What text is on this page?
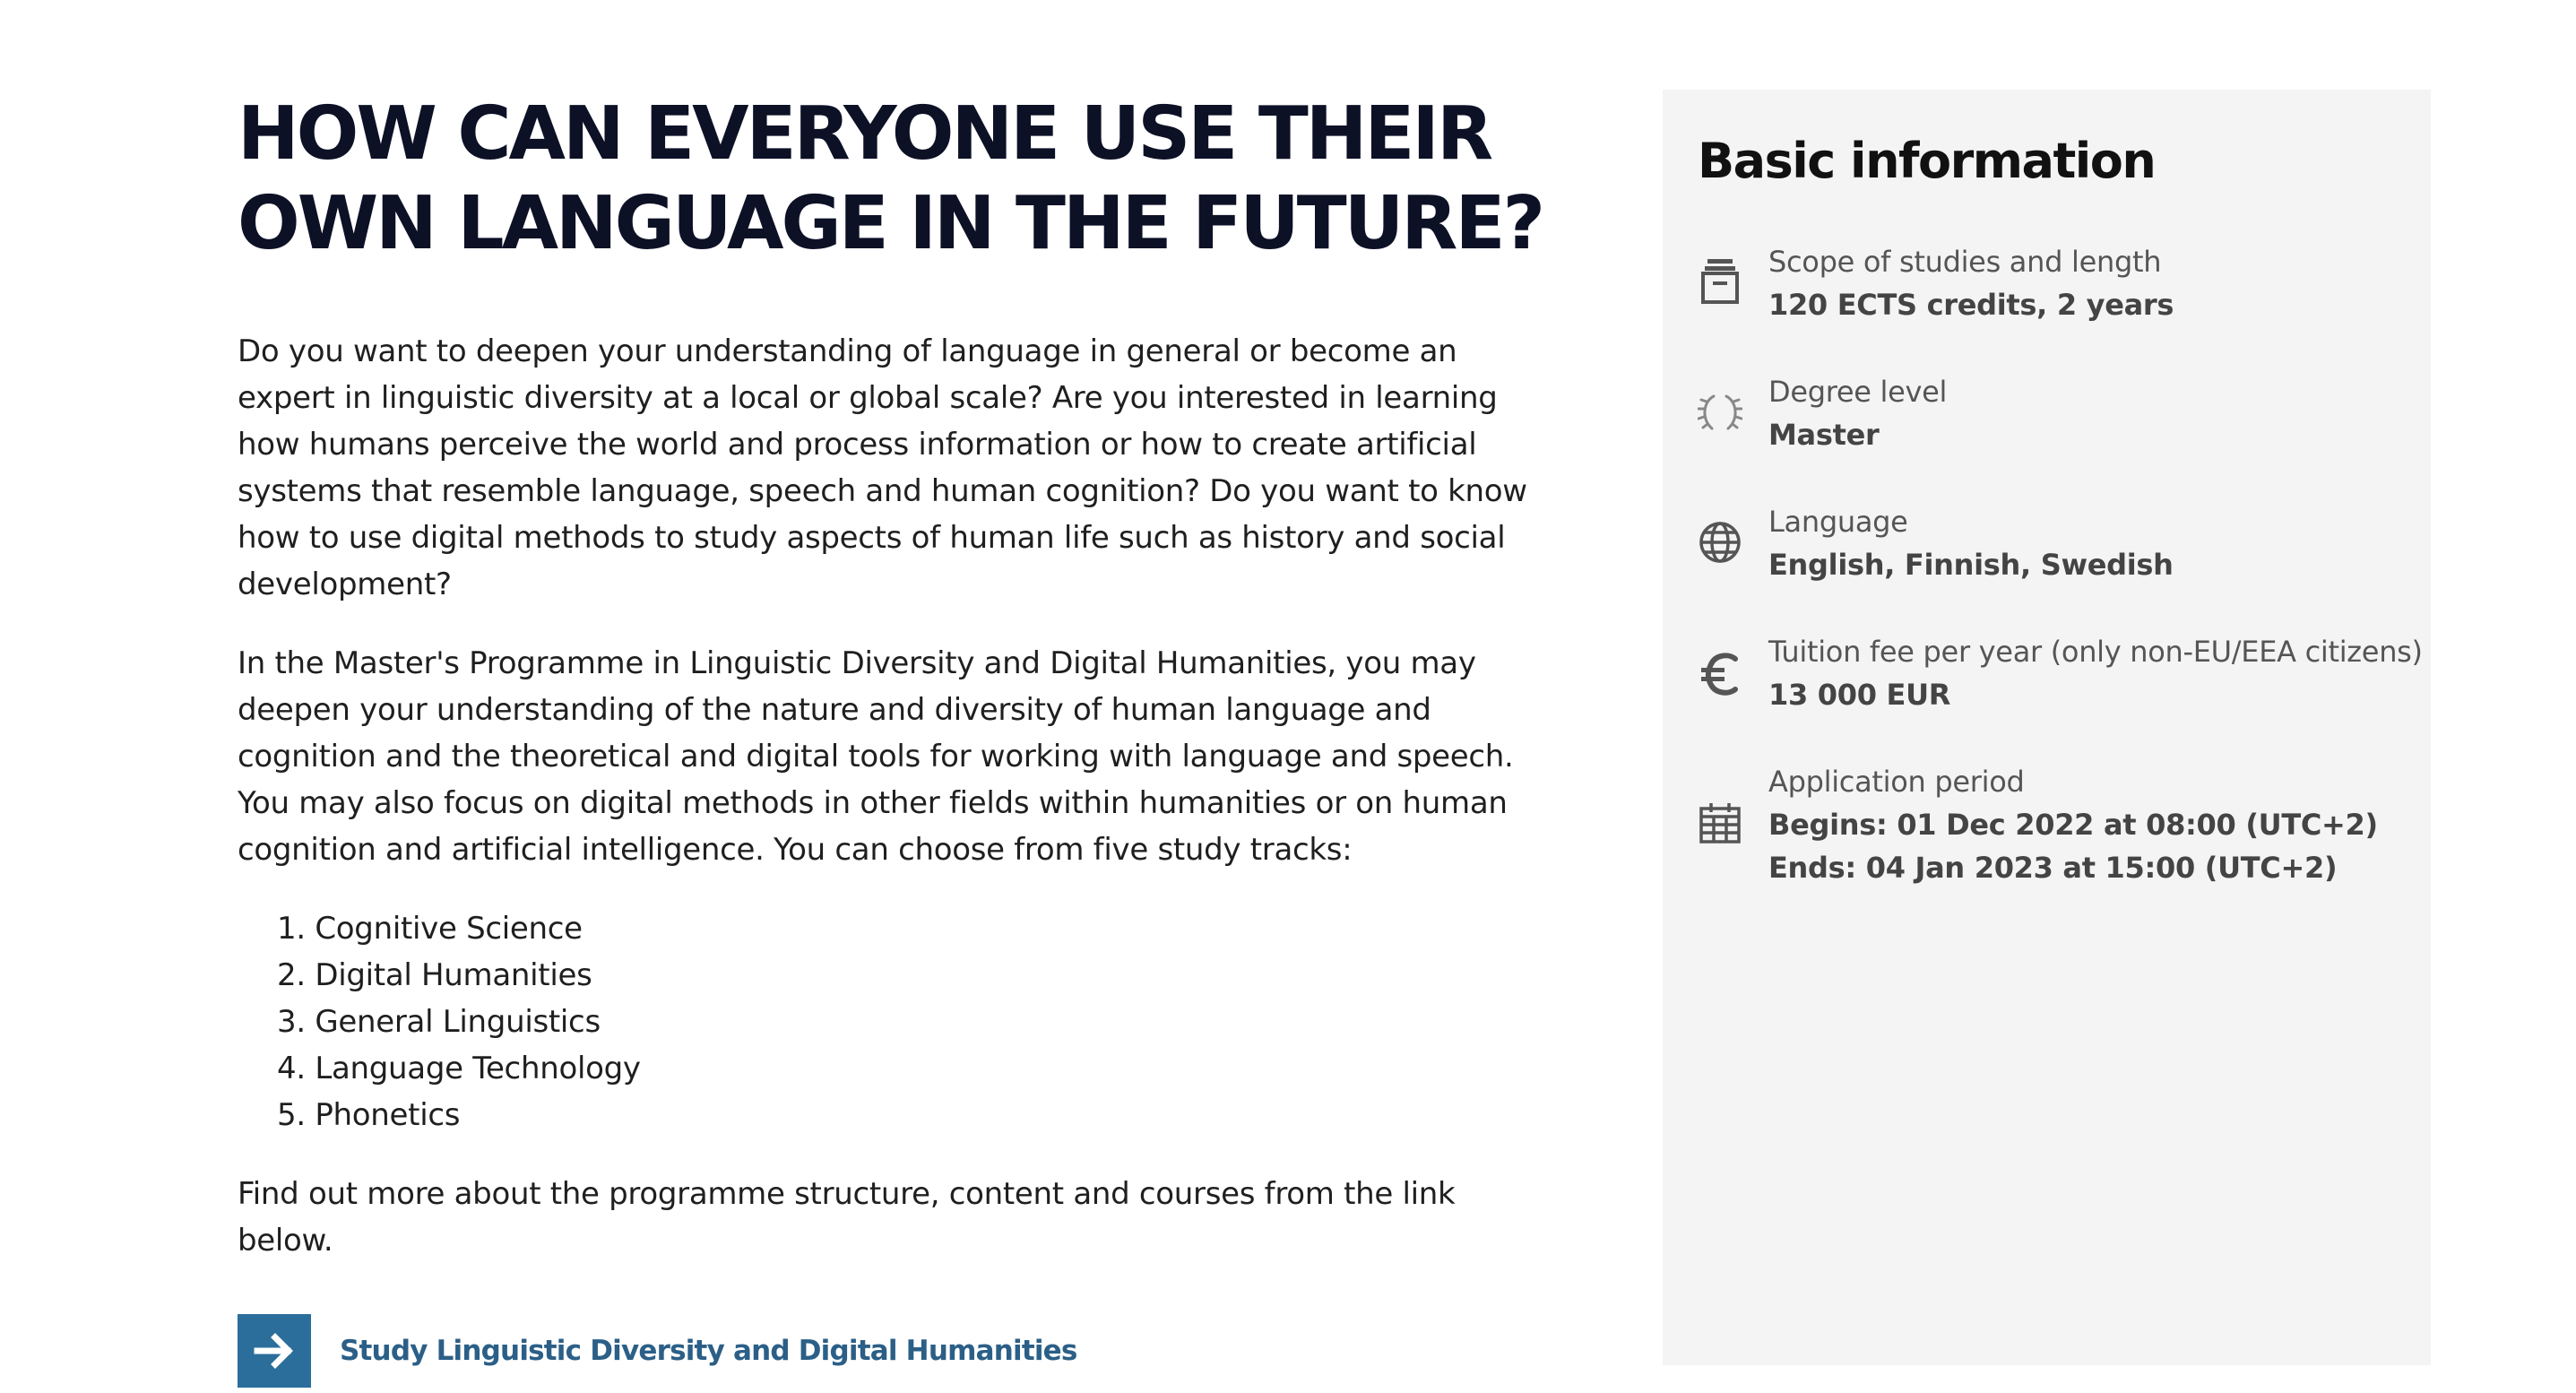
HOW CAN EVERYONE USE THEIR
OWN LANGUAGE IN THE FUTURE?

Do you want to deepen your understanding of language in general or become an expert in linguistic diversity at a local or global scale? Are you interested in learning how humans perceive the world and process information or how to create artificial systems that resemble language, speech and human cognition? Do you want to know how to use digital methods to study aspects of human life such as history and social development?

In the Master's Programme in Linguistic Diversity and Digital Humanities, you may deepen your understanding of the nature and diversity of human language and cognition and the theoretical and digital tools for working with language and speech. You may also focus on digital methods in other fields within humanities or on human cognition and artificial intelligence. You can choose from five study tracks:

1. Cognitive Science
2. Digital Humanities
3. General Linguistics
4. Language Technology
5. Phonetics

Find out more about the programme structure, content and courses from the link below.

Study Linguistic Diversity and Digital Humanities
Basic information
Scope of studies and length
120 ECTS credits, 2 years
Degree level
Master
Language
English, Finnish, Swedish
Tuition fee per year (only non-EU/EEA citizens)
13 000 EUR
Application period
Begins: 01 Dec 2022 at 08:00 (UTC+2)
Ends: 04 Jan 2023 at 15:00 (UTC+2)
